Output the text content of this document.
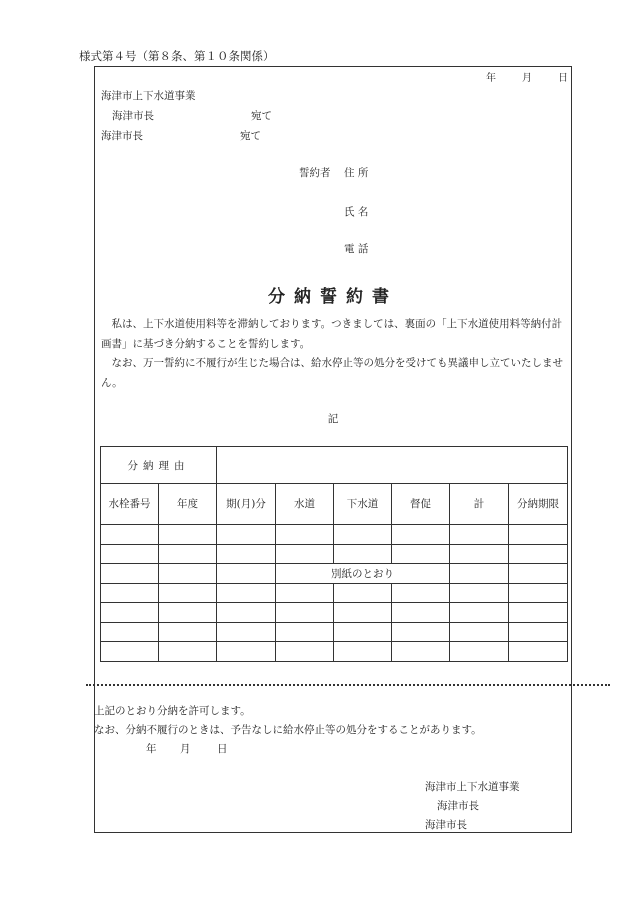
様式第４号（第８条、第１０条関係）
年	月	日
海津市上下水道事業
海津市長	宛て
海津市長	宛て
誓約者 住 所
氏 名
電 話
分納誓約書
私は、上下水道使用料等を滞納しております。つきましては、裏面の「上下水道使用料等納付計画書」に基づき分納することを誓約します。
なお、万一誓約に不履行が生じた場合は、給水停止等の処分を受けても異議申し立ていたしません。
記
分納理由							
水栓番号	年度	期(月)分	水道	下水道	督促	計	分納期限

			別紙のとおり				

上記のとおり分納を許可します。
なお、分納不履行のときは、予告なしに給水停止等の処分をすることがあります。
年 月	日
海津市上下水道事業
海津市長
海津市長
